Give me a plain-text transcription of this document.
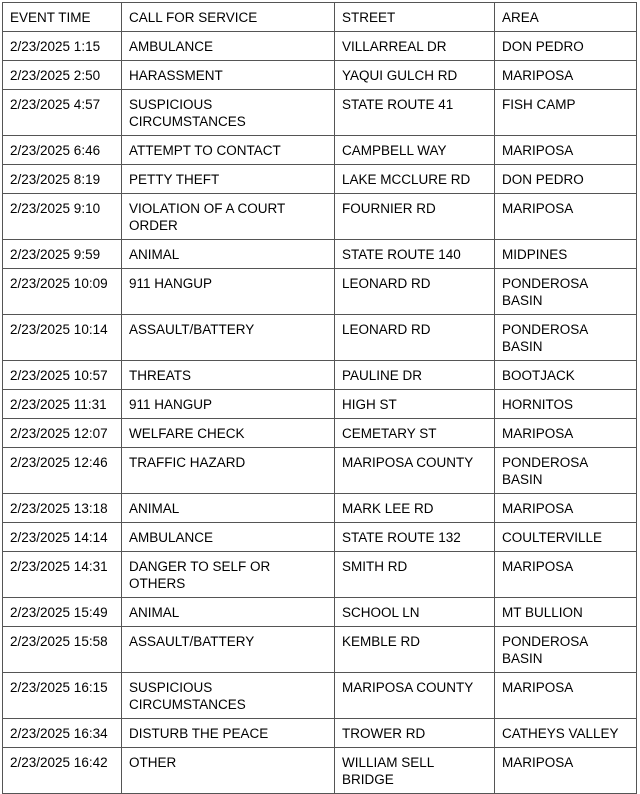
EVENT TIME	CALL FOR SERVICE	STREET	AREA
2/23/2025 1:15	AMBULANCE	VILLARREAL DR	DON PEDRO
2/23/2025 2:50	HARASSMENT	YAQUI GULCH RD	MARIPOSA
2/23/2025 4:57	SUSPICIOUS CIRCUMSTANCES	STATE ROUTE 41	FISH CAMP
2/23/2025 6:46	ATTEMPT TO CONTACT	CAMPBELL WAY	MARIPOSA
2/23/2025 8:19	PETTY THEFT	LAKE MCCLURE RD	DON PEDRO
2/23/2025 9:10	VIOLATION OF A COURT ORDER	FOURNIER RD	MARIPOSA
2/23/2025 9:59	ANIMAL	STATE ROUTE 140	MIDPINES
2/23/2025 10:09	911 HANGUP	LEONARD RD	PONDEROSA BASIN
2/23/2025 10:14	ASSAULT/BATTERY	LEONARD RD	PONDEROSA BASIN
2/23/2025 10:57	THREATS	PAULINE DR	BOOTJACK
2/23/2025 11:31	911 HANGUP	HIGH ST	HORNITOS
2/23/2025 12:07	WELFARE CHECK	CEMETARY ST	MARIPOSA
2/23/2025 12:46	TRAFFIC HAZARD	MARIPOSA COUNTY	PONDEROSA BASIN
2/23/2025 13:18	ANIMAL	MARK LEE RD	MARIPOSA
2/23/2025 14:14	AMBULANCE	STATE ROUTE 132	COULTERVILLE
2/23/2025 14:31	DANGER TO SELF OR OTHERS	SMITH RD	MARIPOSA
2/23/2025 15:49	ANIMAL	SCHOOL LN	MT BULLION
2/23/2025 15:58	ASSAULT/BATTERY	KEMBLE RD	PONDEROSA BASIN
2/23/2025 16:15	SUSPICIOUS CIRCUMSTANCES	MARIPOSA COUNTY	MARIPOSA
2/23/2025 16:34	DISTURB THE PEACE	TROWER RD	CATHEYS VALLEY
2/23/2025 16:42	OTHER	WILLIAM SELL BRIDGE	MARIPOSA
